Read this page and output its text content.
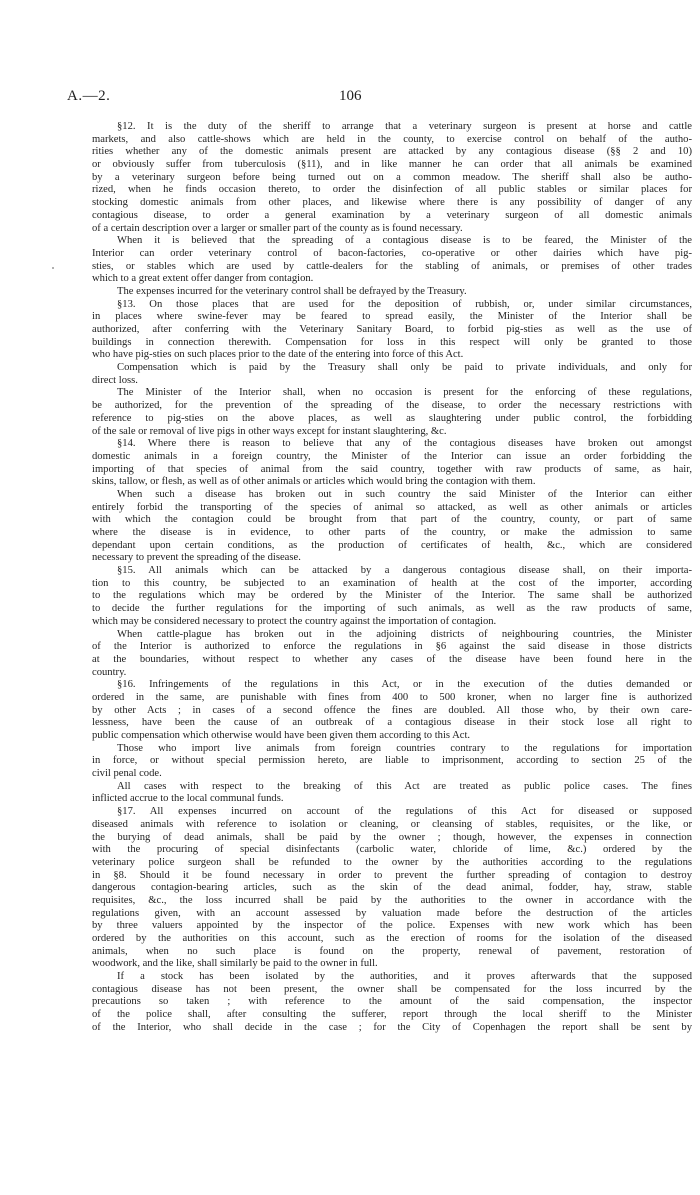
A.—2.	106
§12. It is the duty of the sheriff to arrange that a veterinary surgeon is present at horse and cattle
markets, and also cattle-shows which are held in the county, to exercise control on behalf of the autho-
rities whether any of the domestic animals present are attacked by any contagious disease (§§ 2 and 10)
or obviously suffer from tuberculosis (§11), and in like manner he can order that all animals be examined
by a veterinary surgeon before being turned out on a common meadow. The sheriff shall also be autho-
rized, when he finds occasion thereto, to order the disinfection of all public stables or similar places for
stocking domestic animals from other places, and likewise where there is any possibility of danger of any
contagious disease, to order a general examination by a veterinary surgeon of all domestic animals
of a certain description over a larger or smaller part of the county as is found necessary.
When it is believed that the spreading of a contagious disease is to be feared, the Minister of the
Interior can order veterinary control of bacon-factories, co-operative or other dairies which have pig-
sties, or stables which are used by cattle-dealers for the stabling of animals, or premises of other trades
which to a great extent offer danger from contagion.
The expenses incurred for the veterinary control shall be defrayed by the Treasury.
§13. On those places that are used for the deposition of rubbish, or, under similar circumstances,
in places where swine-fever may be feared to spread easily, the Minister of the Interior shall be
authorized, after conferring with the Veterinary Sanitary Board, to forbid pig-sties as well as the use of
buildings in connection therewith. Compensation for loss in this respect will only be granted to those
who have pig-sties on such places prior to the date of the entering into force of this Act.
Compensation which is paid by the Treasury shall only be paid to private individuals, and only for
direct loss.
The Minister of the Interior shall, when no occasion is present for the enforcing of these regulations,
be authorized, for the prevention of the spreading of the disease, to order the necessary restrictions with
reference to pig-sties on the above places, as well as slaughtering under public control, the forbidding
of the sale or removal of live pigs in other ways except for instant slaughtering, &c.
§14. Where there is reason to believe that any of the contagious diseases have broken out amongst
domestic animals in a foreign country, the Minister of the Interior can issue an order forbidding the
importing of that species of animal from the said country, together with raw products of same, as hair,
skins, tallow, or flesh, as well as of other animals or articles which would bring the contagion with them.
When such a disease has broken out in such country the said Minister of the Interior can either
entirely forbid the transporting of the species of animal so attacked, as well as other animals or articles
with which the contagion could be brought from that part of the country, county, or part of same
where the disease is in evidence, to other parts of the country, or make the admission to same
dependant upon certain conditions, as the production of certificates of health, &c., which are considered
necessary to prevent the spreading of the disease.
§15. All animals which can be attacked by a dangerous contagious disease shall, on their importa-
tion to this country, be subjected to an examination of health at the cost of the importer, according
to the regulations which may be ordered by the Minister of the Interior. The same shall be authorized
to decide the further regulations for the importing of such animals, as well as the raw products of same,
which may be considered necessary to protect the country against the importation of contagion.
When cattle-plague has broken out in the adjoining districts of neighbouring countries, the Minister
of the Interior is authorized to enforce the regulations in §6 against the said disease in those districts
at the boundaries, without respect to whether any cases of the disease have been found here in the
country.
§16. Infringements of the regulations in this Act, or in the execution of the duties demanded or
ordered in the same, are punishable with fines from 400 to 500 kroner, when no larger fine is authorized
by other Acts ; in cases of a second offence the fines are doubled. All those who, by their own care-
lessness, have been the cause of an outbreak of a contagious disease in their stock lose all right to
public compensation which otherwise would have been given them according to this Act.
Those who import live animals from foreign countries contrary to the regulations for importation
in force, or without special permission hereto, are liable to imprisonment, according to section 25 of the
civil penal code.
All cases with respect to the breaking of this Act are treated as public police cases. The fines
inflicted accrue to the local communal funds.
§17. All expenses incurred on account of the regulations of this Act for diseased or supposed
diseased animals with reference to isolation or cleaning, or cleansing of stables, requisites, or the like, or
the burying of dead animals, shall be paid by the owner ; though, however, the expenses in connection
with the procuring of special disinfectants (carbolic water, chloride of lime, &c.) ordered by the
veterinary police surgeon shall be refunded to the owner by the authorities according to the regulations
in §8. Should it be found necessary in order to prevent the further spreading of contagion to destroy
dangerous contagion-bearing articles, such as the skin of the dead animal, fodder, hay, straw, stable
requisites, &c., the loss incurred shall be paid by the authorities to the owner in accordance with the
regulations given, with an account assessed by valuation made before the destruction of the articles
by three valuers appointed by the inspector of the police. Expenses with new work which has been
ordered by the authorities on this account, such as the erection of rooms for the isolation of the diseased
animals, when no such place is found on the property, renewal of pavement, restoration of
woodwork, and the like, shall similarly be paid to the owner in full.
If a stock has been isolated by the authorities, and it proves afterwards that the supposed
contagious disease has not been present, the owner shall be compensated for the loss incurred by the
precautions so taken ; with reference to the amount of the said compensation, the inspector
of the police shall, after consulting the sufferer, report through the local sheriff to the Minister
of the Interior, who shall decide in the case ; for the City of Copenhagen the report shall be sent by
